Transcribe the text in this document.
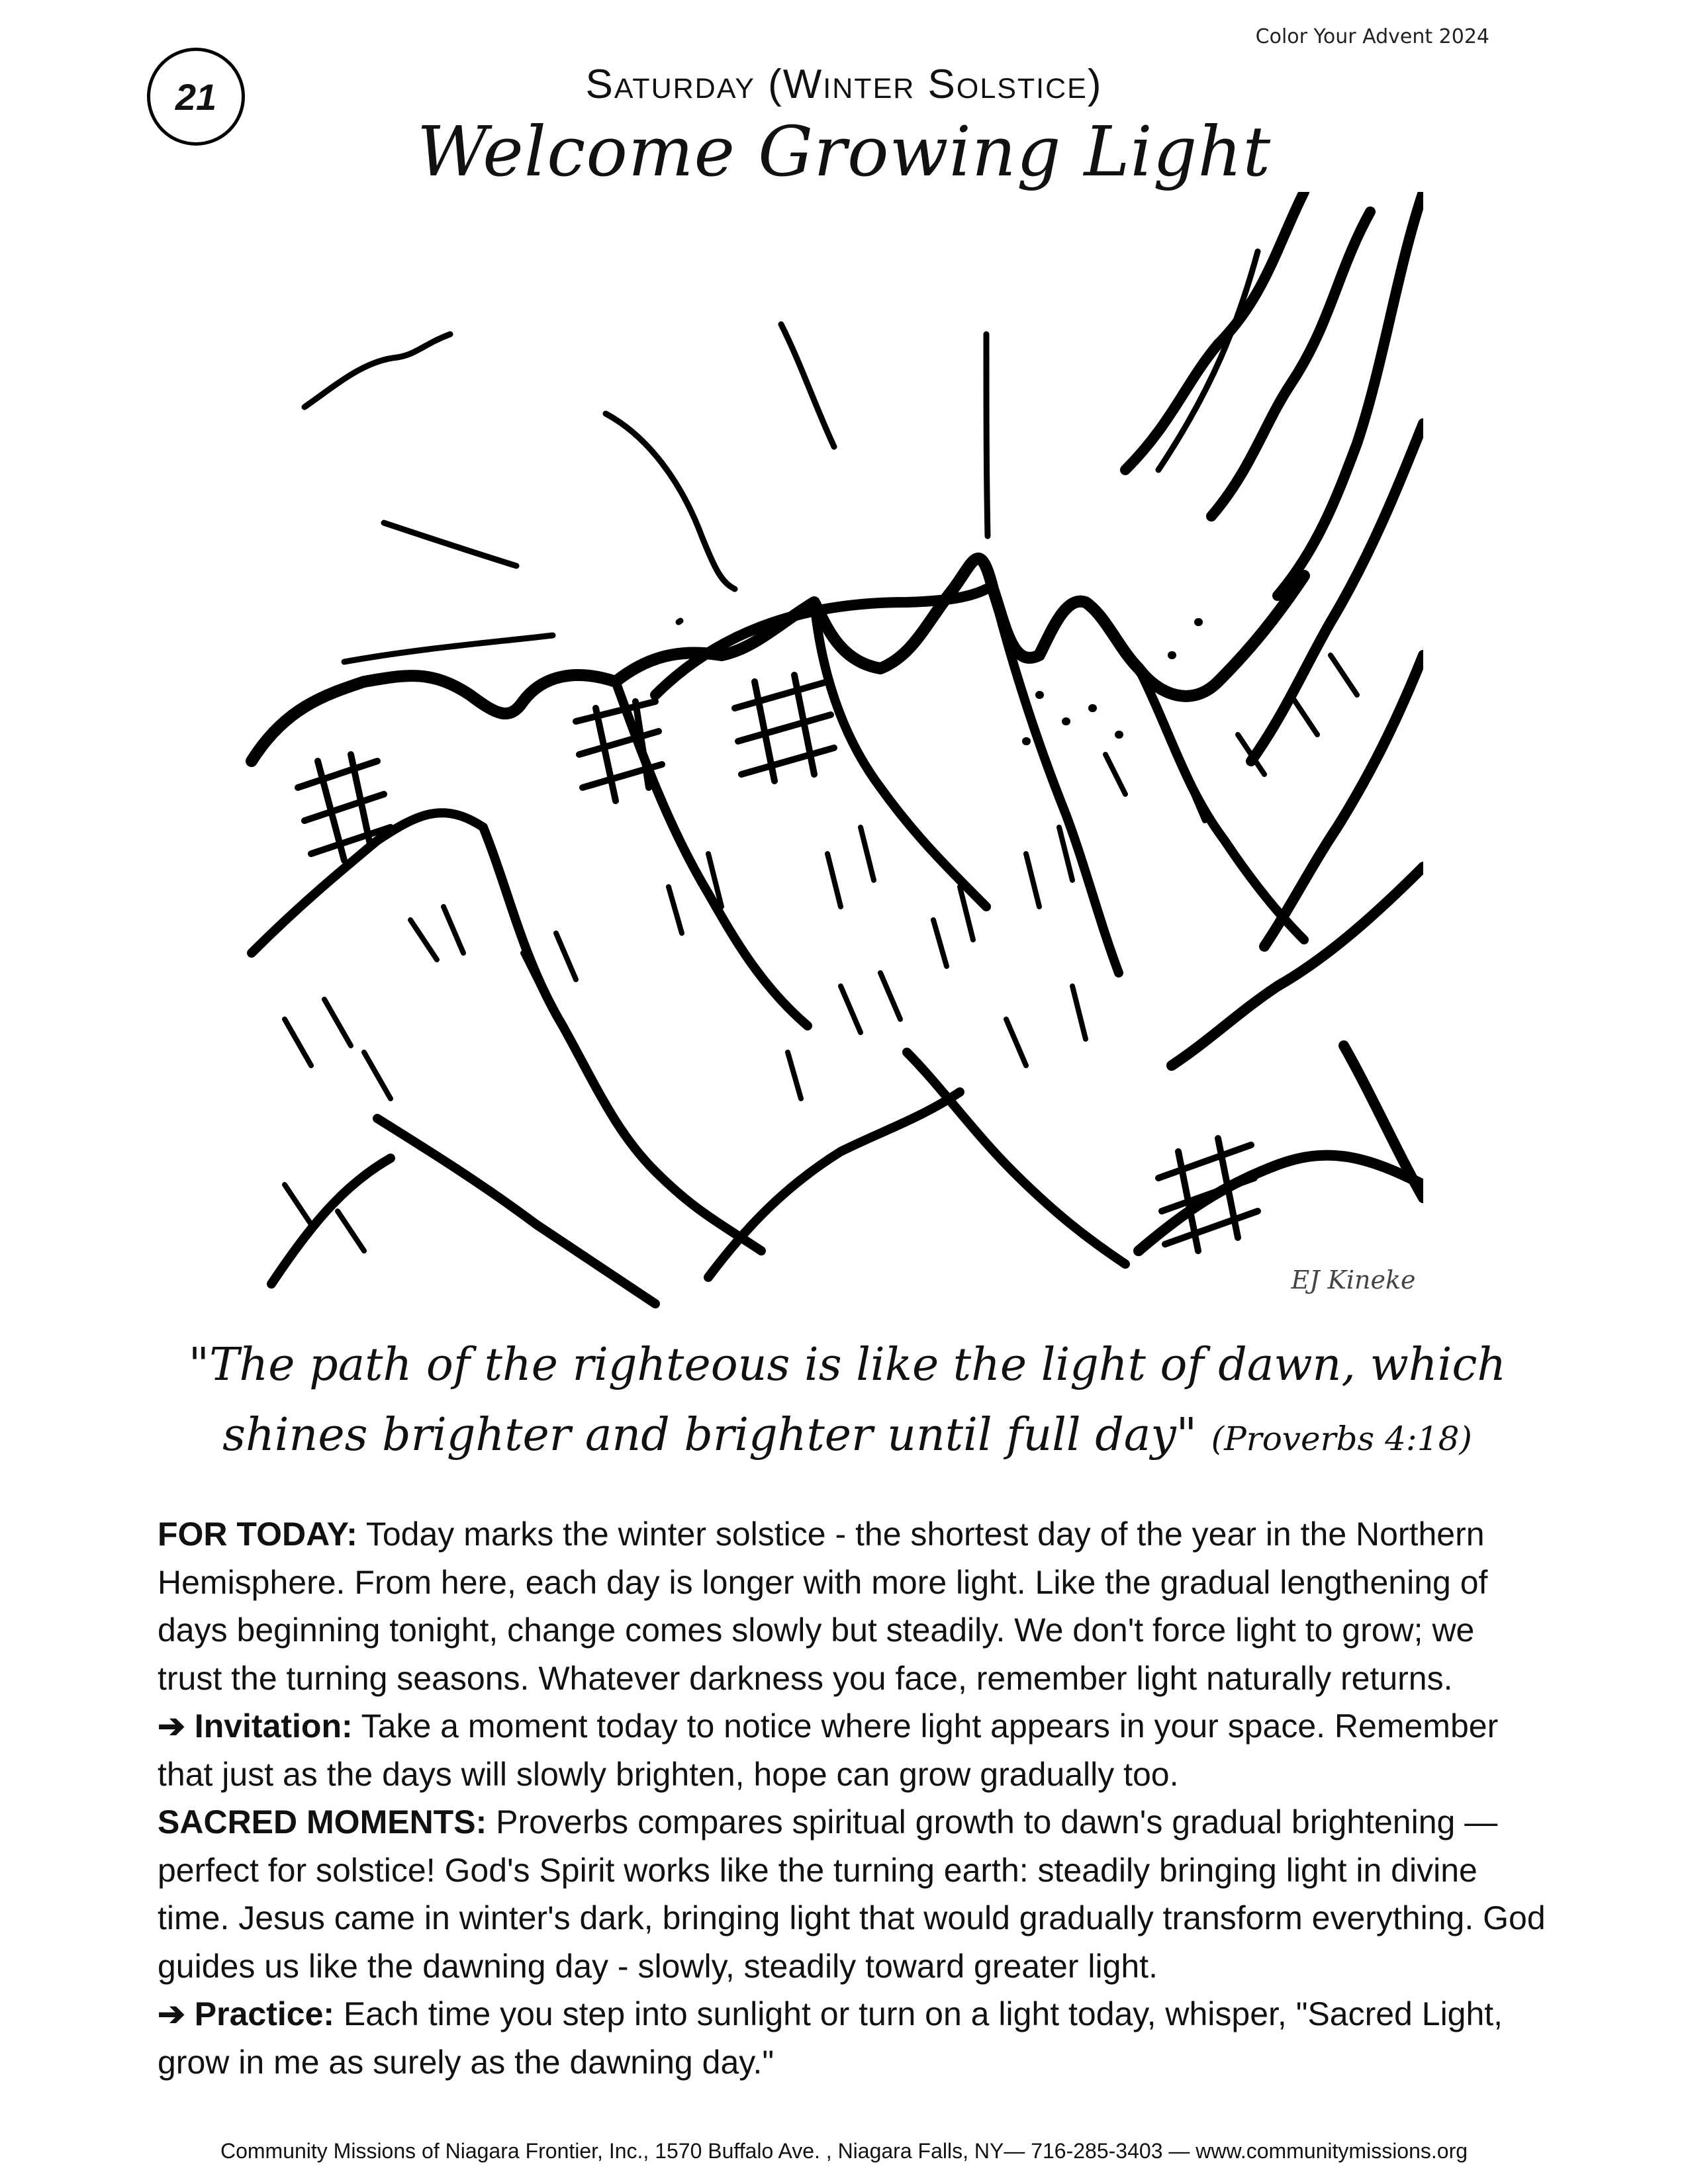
Color Your Advent 2024
21	Saturday (Winter Solstice)
Welcome Growing Light
EJ Kineke
"The path of the righteous is like the light of dawn, which shines brighter and brighter until full day" (Proverbs 4:18)

FOR TODAY: Today marks the winter solstice - the shortest day of the year in the Northern Hemisphere. From here, each day is longer with more light. Like the gradual lengthening of days beginning tonight, change comes slowly but steadily. We don't force light to grow; we trust the turning seasons. Whatever darkness you face, remember light naturally returns.

➔ Invitation: Take a moment today to notice where light appears in your space. Remember that just as the days will slowly brighten, hope can grow gradually too.

SACRED MOMENTS: Proverbs compares spiritual growth to dawn's gradual brightening — perfect for solstice! God's Spirit works like the turning earth: steadily bringing light in divine time. Jesus came in winter's dark, bringing light that would gradually transform everything. God guides us like the dawning day - slowly, steadily toward greater light.

➔ Practice: Each time you step into sunlight or turn on a light today, whisper, "Sacred Light, grow in me as surely as the dawning day."

Community Missions of Niagara Frontier, Inc., 1570 Buffalo Ave. , Niagara Falls, NY— 716-285-3403 — www.communitymissions.org
